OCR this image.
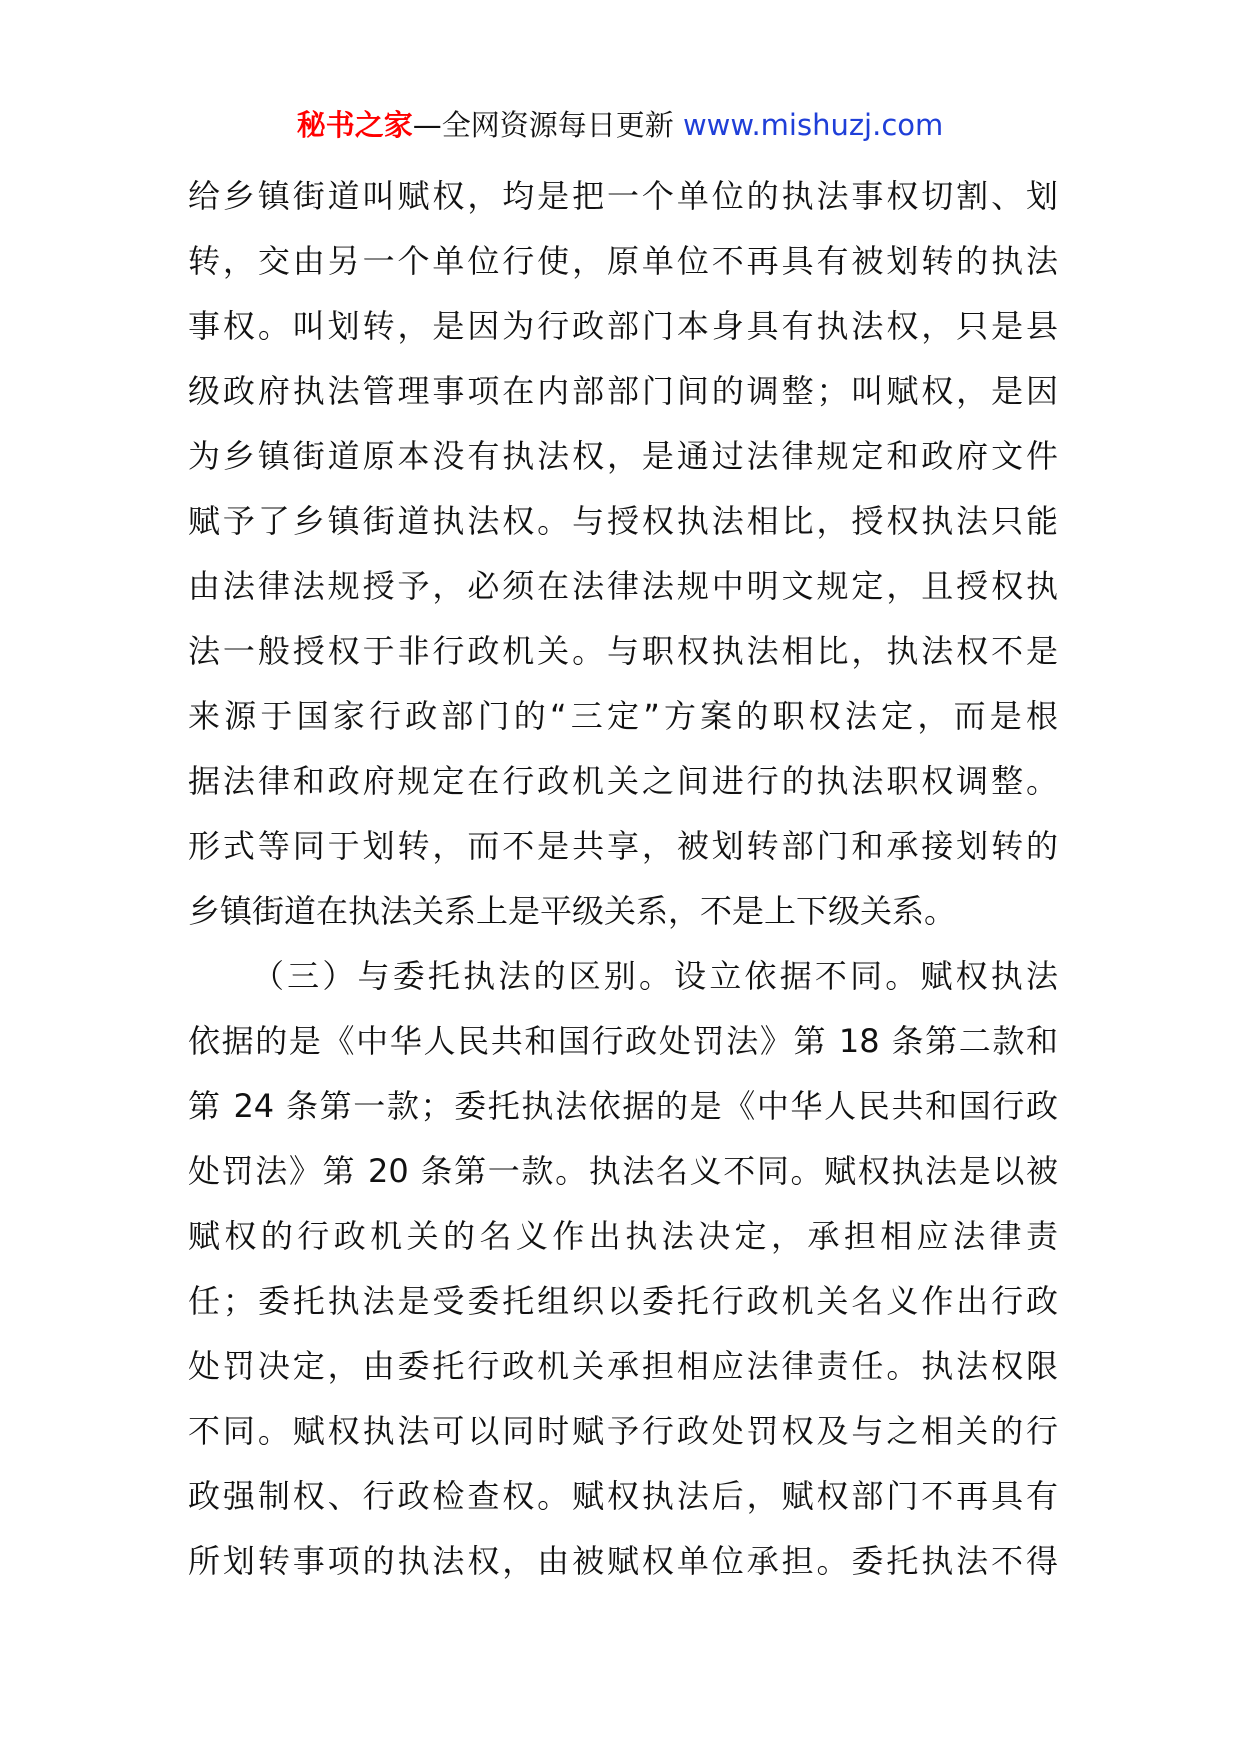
秘书之家—全网资源每日更新 www.mishuzj.com
给乡镇街道叫赋权，均是把一个单位的执法事权切割、划
转，交由另一个单位行使，原单位不再具有被划转的执法
事权。叫划转，是因为行政部门本身具有执法权，只是县
级政府执法管理事项在内部部门间的调整；叫赋权，是因
为乡镇街道原本没有执法权，是通过法律规定和政府文件
赋予了乡镇街道执法权。与授权执法相比，授权执法只能
由法律法规授予，必须在法律法规中明文规定，且授权执
法一般授权于非行政机关。与职权执法相比，执法权不是
来源于国家行政部门的“三定”方案的职权法定，而是根
据法律和政府规定在行政机关之间进行的执法职权调整。
形式等同于划转，而不是共享，被划转部门和承接划转的
乡镇街道在执法关系上是平级关系，不是上下级关系。
（三）与委托执法的区别。设立依据不同。赋权执法
依据的是《中华人民共和国行政处罚法》第 18 条第二款和
第 24 条第一款；委托执法依据的是《中华人民共和国行政
处罚法》第 20 条第一款。执法名义不同。赋权执法是以被
赋权的行政机关的名义作出执法决定，承担相应法律责
任；委托执法是受委托组织以委托行政机关名义作出行政
处罚决定，由委托行政机关承担相应法律责任。执法权限
不同。赋权执法可以同时赋予行政处罚权及与之相关的行
政强制权、行政检查权。赋权执法后，赋权部门不再具有
所划转事项的执法权，由被赋权单位承担。委托执法不得
